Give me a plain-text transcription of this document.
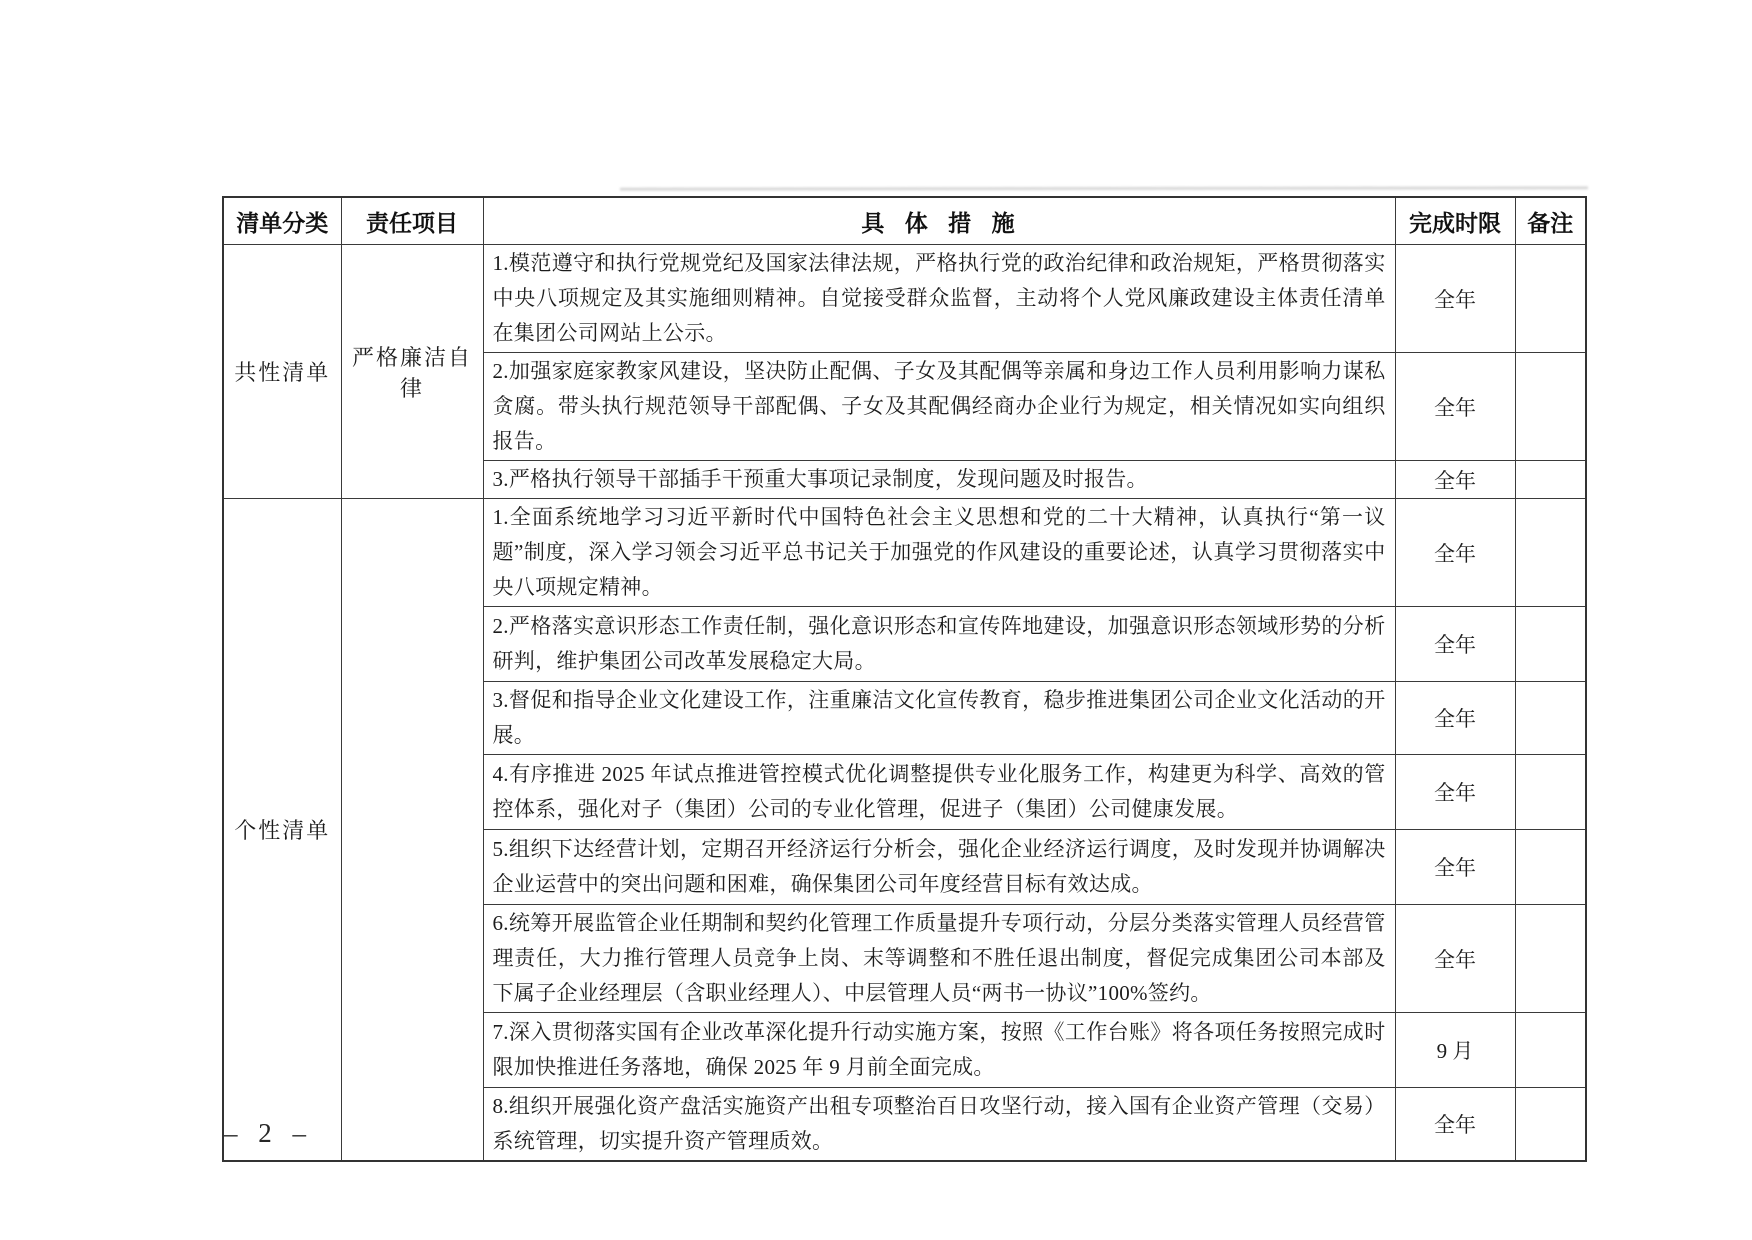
清单分类	责任项目	具 体 措 施	完成时限	备注
共性清单	严格廉洁自律	1.模范遵守和执行党规党纪及国家法律法规，严格执行党的政治纪律和政治规矩，严格贯彻落实中央八项规定及其实施细则精神。自觉接受群众监督，主动将个人党风廉政建设主体责任清单在集团公司网站上公示。	全年	
		2.加强家庭家教家风建设，坚决防止配偶、子女及其配偶等亲属和身边工作人员利用影响力谋私贪腐。带头执行规范领导干部配偶、子女及其配偶经商办企业行为规定，相关情况如实向组织报告。	全年	
		3.严格执行领导干部插手干预重大事项记录制度，发现问题及时报告。	全年	
个性清单		1.全面系统地学习习近平新时代中国特色社会主义思想和党的二十大精神，认真执行“第一议题”制度，深入学习领会习近平总书记关于加强党的作风建设的重要论述，认真学习贯彻落实中央八项规定精神。	全年	
		2.严格落实意识形态工作责任制，强化意识形态和宣传阵地建设，加强意识形态领域形势的分析研判，维护集团公司改革发展稳定大局。	全年	
		3.督促和指导企业文化建设工作，注重廉洁文化宣传教育，稳步推进集团公司企业文化活动的开展。	全年	
		4.有序推进 2025 年试点推进管控模式优化调整提供专业化服务工作，构建更为科学、高效的管控体系，强化对子（集团）公司的专业化管理，促进子（集团）公司健康发展。	全年	
		5.组织下达经营计划，定期召开经济运行分析会，强化企业经济运行调度，及时发现并协调解决企业运营中的突出问题和困难，确保集团公司年度经营目标有效达成。	全年	
		6.统筹开展监管企业任期制和契约化管理工作质量提升专项行动，分层分类落实管理人员经营管理责任，大力推行管理人员竞争上岗、末等调整和不胜任退出制度，督促完成集团公司本部及下属子企业经理层（含职业经理人）、中层管理人员“两书一协议”100%签约。	全年	
		7.深入贯彻落实国有企业改革深化提升行动实施方案，按照《工作台账》将各项任务按照完成时限加快推进任务落地，确保 2025 年 9 月前全面完成。	9 月	
		8.组织开展强化资产盘活实施资产出租专项整治百日攻坚行动，接入国有企业资产管理（交易）系统管理，切实提升资产管理质效。	全年	
– 2 –
